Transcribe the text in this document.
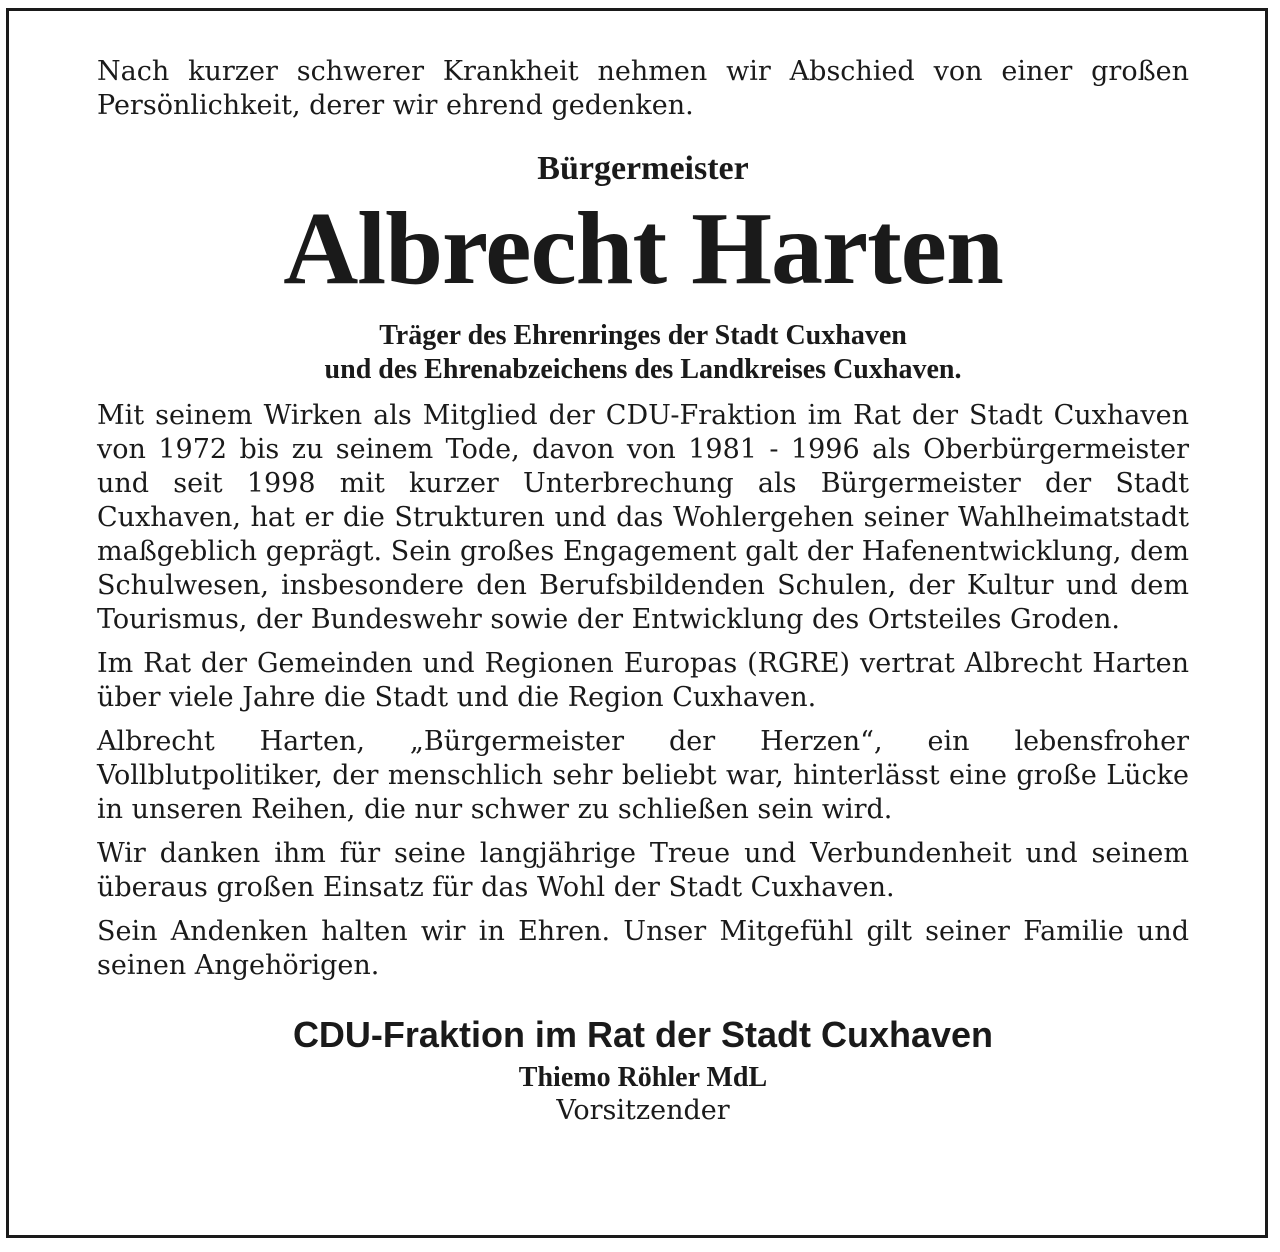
Nach kurzer schwerer Krankheit nehmen wir Abschied von einer großen Persönlichkeit, derer wir ehrend gedenken.

Bürgermeister

Albrecht Harten

Träger des Ehrenringes der Stadt Cuxhaven
und des Ehrenabzeichens des Landkreises Cuxhaven.

Mit seinem Wirken als Mitglied der CDU-Fraktion im Rat der Stadt Cuxhaven von 1972 bis zu seinem Tode, davon von 1981 - 1996 als Oberbürgermeister und seit 1998 mit kurzer Unterbrechung als Bürgermeister der Stadt Cuxhaven, hat er die Strukturen und das Wohlergehen seiner Wahlheimatstadt maßgeblich geprägt. Sein großes Engagement galt der Hafenentwicklung, dem Schulwesen, insbesondere den Berufsbildenden Schulen, der Kultur und dem Tourismus, der Bundeswehr sowie der Entwicklung des Ortsteiles Groden.

Im Rat der Gemeinden und Regionen Europas (RGRE) vertrat Albrecht Harten über viele Jahre die Stadt und die Region Cuxhaven.

Albrecht Harten, „Bürgermeister der Herzen“, ein lebensfroher Vollblutpolitiker, der menschlich sehr beliebt war, hinterlässt eine große Lücke in unseren Reihen, die nur schwer zu schließen sein wird.

Wir danken ihm für seine langjährige Treue und Verbundenheit und seinem überaus großen Einsatz für das Wohl der Stadt Cuxhaven.

Sein Andenken halten wir in Ehren. Unser Mitgefühl gilt seiner Familie und seinen Angehörigen.

CDU-Fraktion im Rat der Stadt Cuxhaven

Thiemo Röhler MdL

Vorsitzender
